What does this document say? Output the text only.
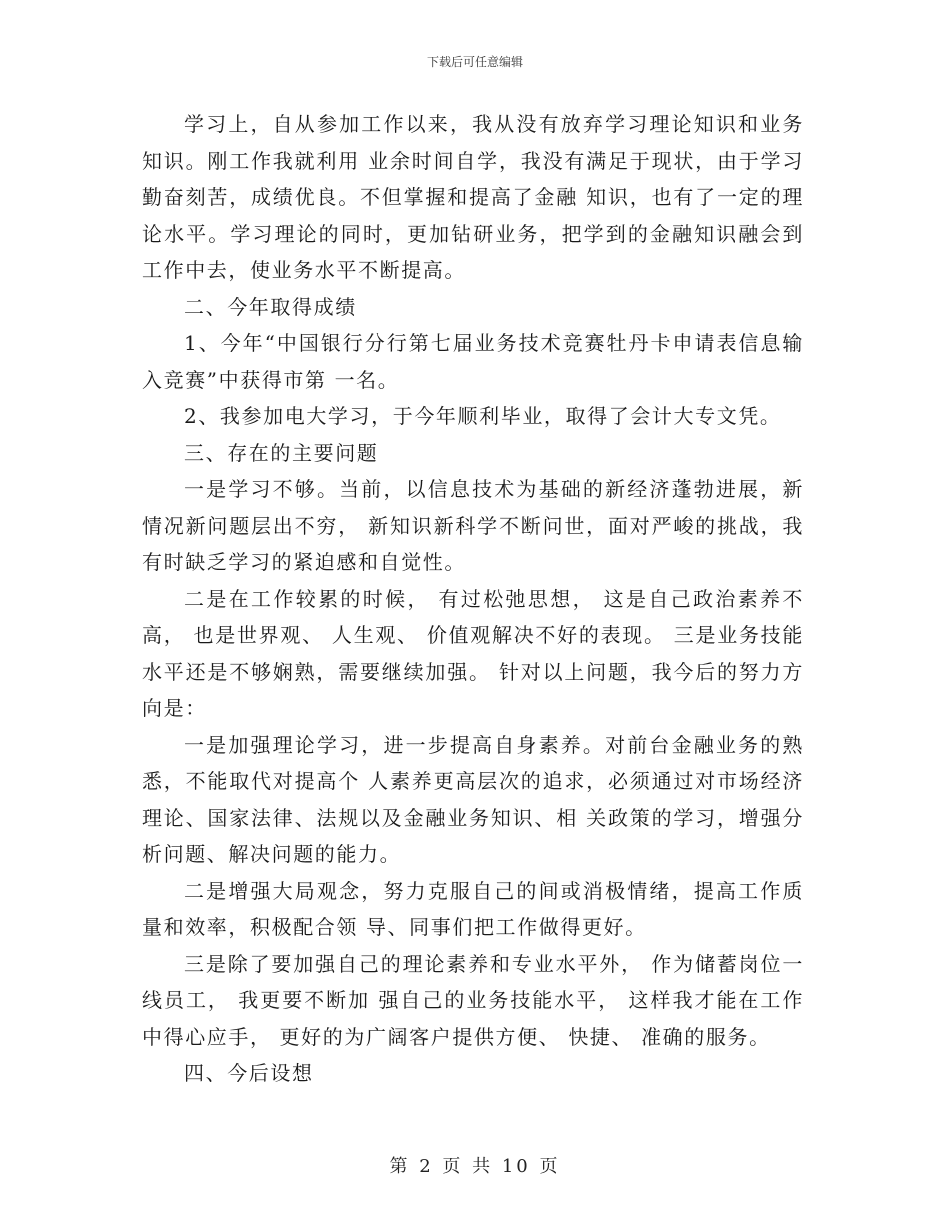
下载后可任意编辑

学习上，自从参加工作以来，我从没有放弃学习理论知识和业务知识。刚工作我就利用 业余时间自学，我没有满足于现状，由于学习勤奋刻苦，成绩优良。不但掌握和提高了金融 知识，也有了一定的理论水平。学习理论的同时，更加钻研业务，把学到的金融知识融会到工作中去，使业务水平不断提高。

二、今年取得成绩

1、今年“中国银行分行第七届业务技术竞赛牡丹卡申请表信息输入竞赛”中获得市第 一名。

2、我参加电大学习，于今年顺利毕业，取得了会计大专文凭。

三、存在的主要问题

一是学习不够。当前，以信息技术为基础的新经济蓬勃进展，新情况新问题层出不穷， 新知识新科学不断问世，面对严峻的挑战，我有时缺乏学习的紧迫感和自觉性。

二是在工作较累的时候， 有过松弛思想， 这是自己政治素养不高， 也是世界观、 人生观、 价值观解决不好的表现。 三是业务技能水平还是不够娴熟，需要继续加强。 针对以上问题，我今后的努力方向是：

一是加强理论学习，进一步提高自身素养。对前台金融业务的熟悉，不能取代对提高个 人素养更高层次的追求，必须通过对市场经济理论、国家法律、法规以及金融业务知识、相 关政策的学习，增强分析问题、解决问题的能力。

二是增强大局观念，努力克服自己的间或消极情绪，提高工作质量和效率，积极配合领 导、同事们把工作做得更好。

三是除了要加强自己的理论素养和专业水平外， 作为储蓄岗位一线员工， 我更要不断加 强自己的业务技能水平， 这样我才能在工作中得心应手， 更好的为广阔客户提供方便、 快捷、 准确的服务。

四、今后设想

第 2 页 共 10 页
